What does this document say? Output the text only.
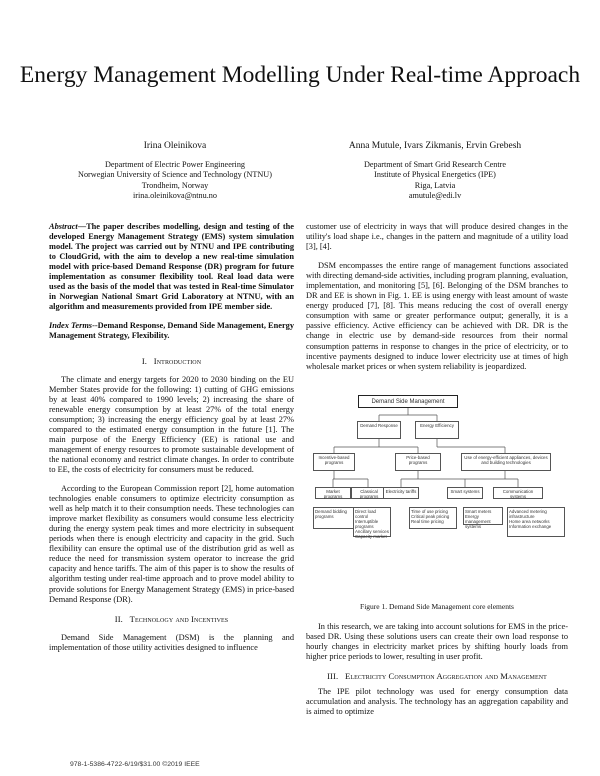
Energy Management Modelling Under Real-time Approach
Irina Oleinikova
Department of Electric Power Engineering
Norwegian University of Science and Technology (NTNU)
Trondheim, Norway
irina.oleinikova@ntnu.no
Anna Mutule, Ivars Zikmanis, Ervin Grebesh
Department of Smart Grid Research Centre
Institute of Physical Energetics (IPE)
Riga, Latvia
amutule@edi.lv

Abstract—The paper describes modelling, design and testing of the developed Energy Management Strategy (EMS) system simulation model. The project was carried out by NTNU and IPE contributing to CloudGrid, with the aim to develop a new real-time simulation model with price-based Demand Response (DR) program for future implementation as consumer flexibility tool. Real load data were used as the basis of the model that was tested in Real-time Simulator in Norwegian National Smart Grid Laboratory at NTNU, with an algorithm and measurements provided from IPE member side.

Index Terms--Demand Response, Demand Side Management, Energy Management Strategy, Flexibility.

I. Introduction

The climate and energy targets for 2020 to 2030 binding on the EU Member States provide for the following: 1) cutting of GHG emissions by at least 40% compared to 1990 levels; 2) increasing the share of renewable energy consumption by at least 27% of the total energy consumption; 3) increasing the energy efficiency goal by at least 27% compared to the estimated energy consumption in the future [1]. The main purpose of the Energy Efficiency (EE) is rational use and management of energy resources to promote sustainable development of the national economy and restrict climate changes. In order to contribute to EE, the costs of electricity for consumers must be reduced.

According to the European Commission report [2], home automation technologies enable consumers to optimize electricity consumption as well as help match it to their consumption needs. These technologies can improve market flexibility as consumers would consume less electricity during the energy system peak times and more electricity in subsequent periods when there is enough electricity and capacity in the grid. Such flexibility can ensure the optimal use of the distribution grid as well as reduce the need for transmission system operator to increase the grid capacity and hence tariffs. The aim of this paper is to show the results of algorithm testing under real-time approach and to prove model ability to provide solutions for Energy Management Strategy (EMS) in price-based Demand Response (DR).

II. Technology and Incentives

Demand Side Management (DSM) is the planning and implementation of those utility activities designed to influence

customer use of electricity in ways that will produce desired changes in the utility's load shape i.e., changes in the pattern and magnitude of a utility load [3], [4].

DSM encompasses the entire range of management functions associated with directing demand-side activities, including program planning, evaluation, implementation, and monitoring [5], [6]. Belonging of the DSM branches to DR and EE is shown in Fig. 1. EE is using energy with least amount of waste energy produced [7], [8]. This means reducing the cost of overall energy consumption with same or greater performance output; generally, it is a passive efficiency. Active efficiency can be achieved with DR. DR is the change in electric use by demand-side resources from their normal consumption patterns in response to changes in the price of electricity, or to incentive payments designed to induce lower electricity use at times of high wholesale market prices or when system reliability is jeopardized.

Demand Side Management
Demand Response	Energy Efficiency
Incentive-based programs
Price-based programs
Use of energy-efficient appliances, devices and building technologies
Market programs
Classical programs
Electricity tariffs	Smart systems	Communication systems
Demand bidding programs
Direct load control
Interruptible programs
Ancillary services
Capacity market
Time of use pricing
Critical peak pricing
Real time pricing
Smart meters
Energy management systems
Advanced metering infrastructure
Home area networks
Information exchange
Figure 1. Demand Side Management core elements

In this research, we are taking into account solutions for EMS in the price-based DR. Using these solutions users can create their own load response to hourly changes in electricity market prices by shifting hourly loads from higher price periods to lower, resulting in user profit.

III. Electricity Consumption Aggregation and Management

The IPE pilot technology was used for energy consumption data accumulation and analysis. The technology has an aggregation capability and is aimed to optimize

978-1-5386-4722-6/19/$31.00 ©2019 IEEE
